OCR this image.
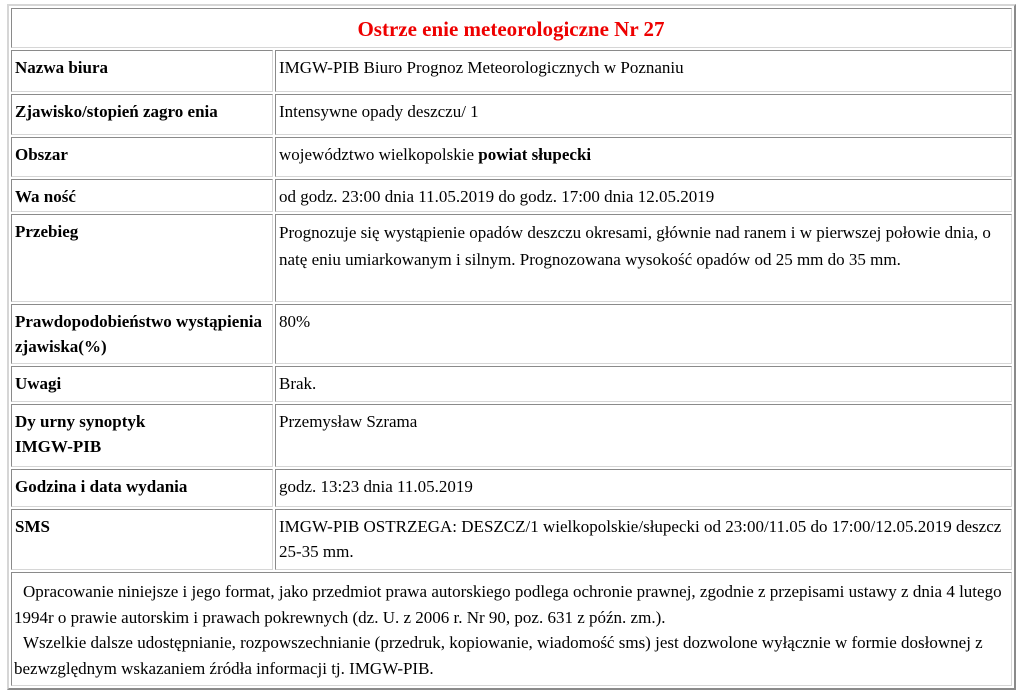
Ostrze enie meteorologiczne Nr 27	
Nazwa biura	IMGW-PIB Biuro Prognoz Meteorologicznych w Poznaniu
Zjawisko/stopień zagro enia	Intensywne opady deszczu/ 1
Obszar	województwo wielkopolskie powiat słupecki
Wa ność	od godz. 23:00 dnia 11.05.2019 do godz. 17:00 dnia 12.05.2019
Przebieg	Prognozuje się wystąpienie opadów deszczu okresami, głównie nad ranem i w pierwszej połowie dnia, o natę eniu umiarkowanym i silnym. Prognozowana wysokość opadów od 25 mm do 35 mm.
Prawdopodobieństwo wystąpienia zjawiska(%)	80%
Uwagi	Brak.

Dy urny synoptyk
IMGW-PIB	Przemysław Szrama
Godzina i data wydania	godz. 13:23 dnia 11.05.2019
SMS	IMGW-PIB OSTRZEGA: DESZCZ/1 wielkopolskie/słupecki od 23:00/11.05 do 17:00/12.05.2019 deszcz 25-35 mm.

Opracowanie niniejsze i jego format, jako przedmiot prawa autorskiego podlega ochronie prawnej, zgodnie z przepisami ustawy z dnia 4 lutego 1994r o prawie autorskim i prawach pokrewnych (dz. U. z 2006 r. Nr 90, poz. 631 z późn. zm.).

Wszelkie dalsze udostępnianie, rozpowszechnianie (przedruk, kopiowanie, wiadomość sms) jest dozwolone wyłącznie w formie dosłownej z bezwzględnym wskazaniem źródła informacji tj. IMGW-PIB.	
